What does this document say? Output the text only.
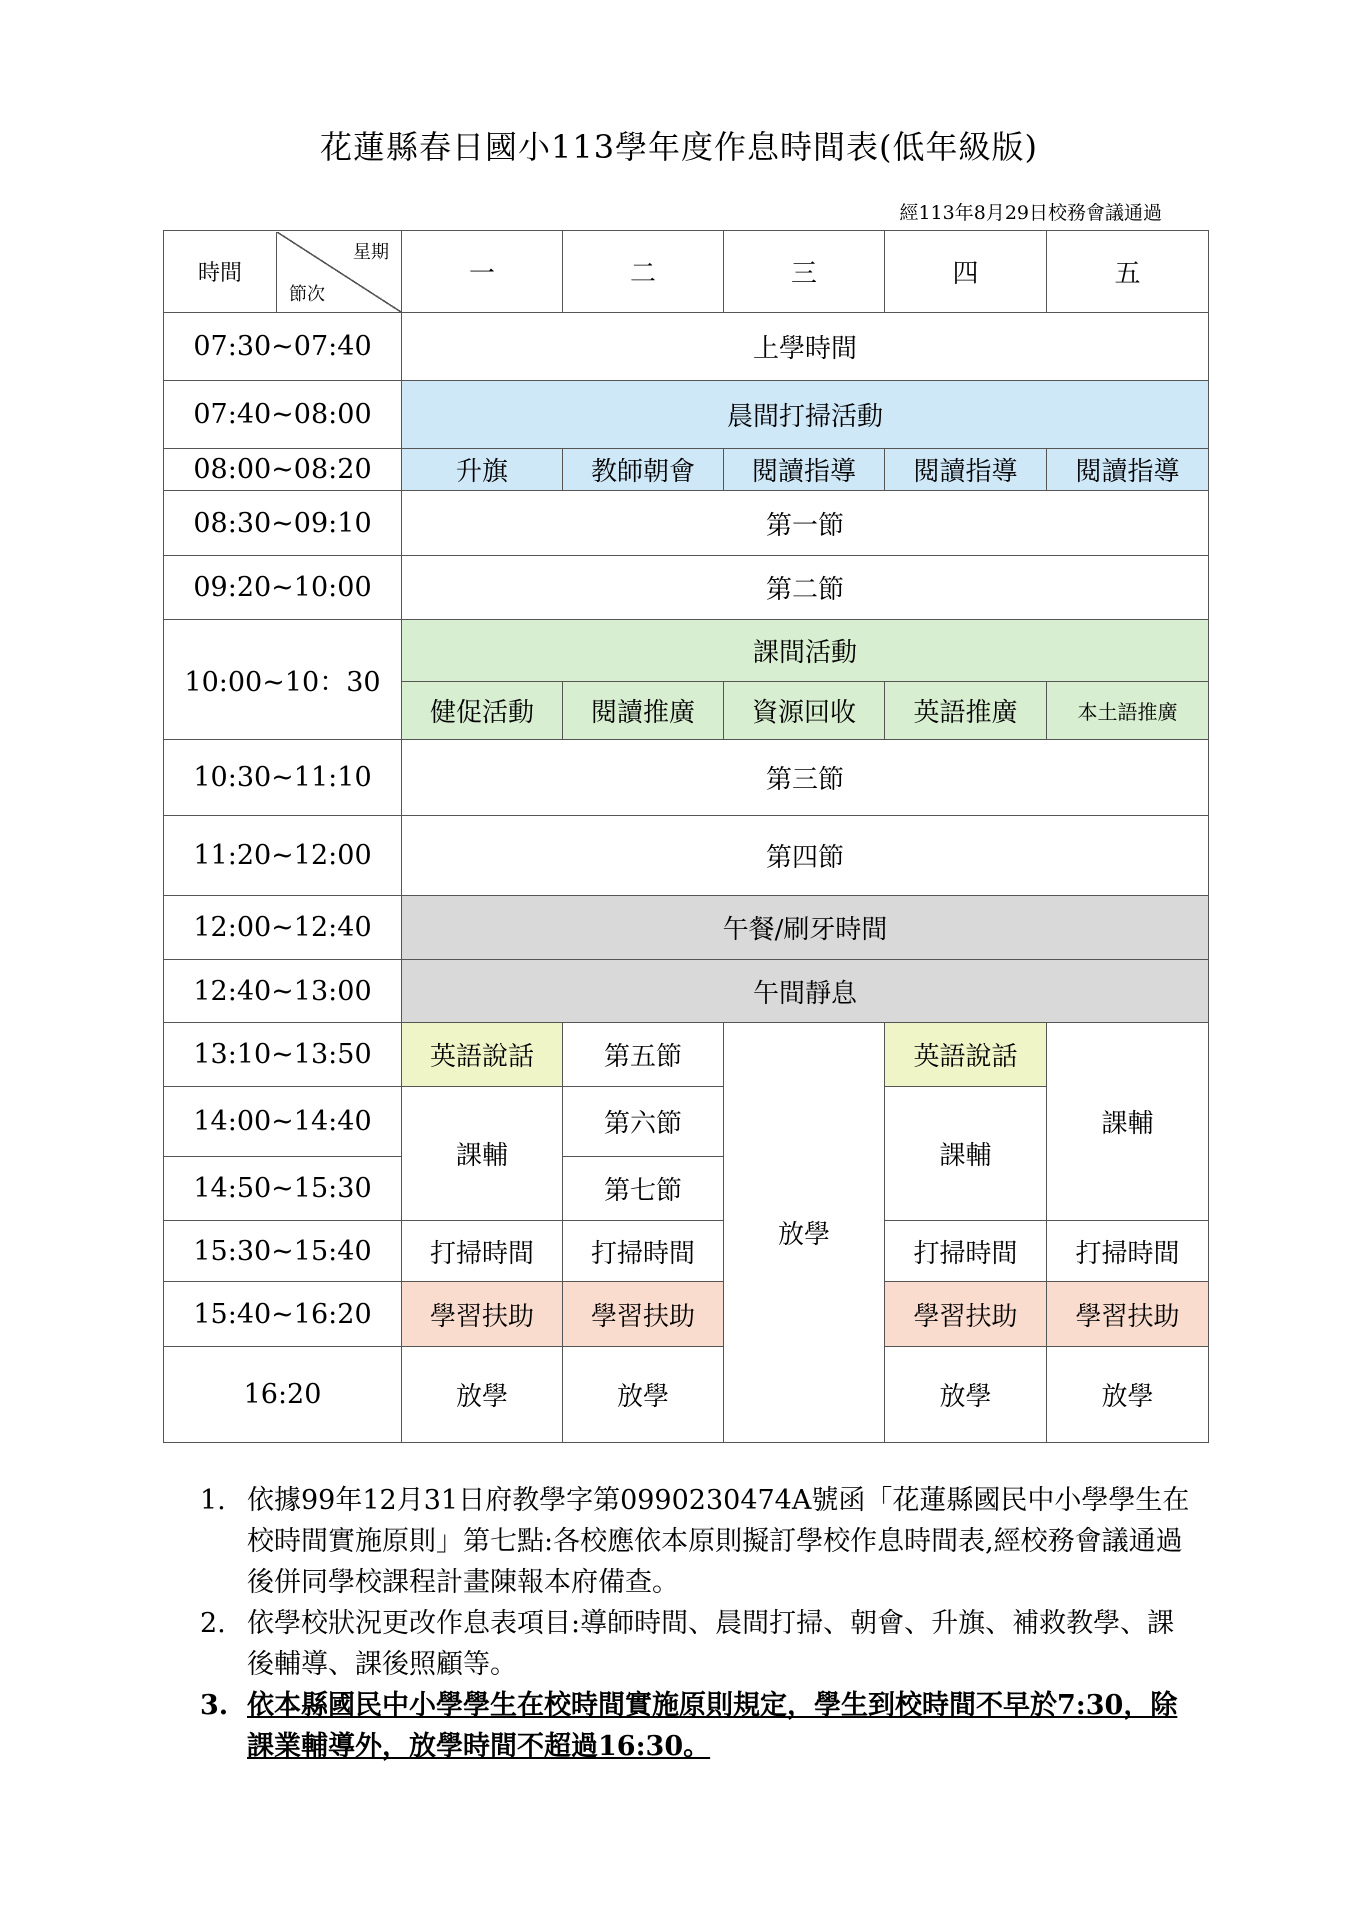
花蓮縣春日國小113學年度作息時間表(低年級版)
經113年8月29日校務會議通過
時間
星期
節次	一	二	三	四	五
07:30~07:40	上學時間				
07:40~08:00	晨間打掃活動				
08:00~08:20	升旗	教師朝會	閱讀指導	閱讀指導	閱讀指導
08:30~09:10	第一節				
09:20~10:00	第二節				
10:00~10：30	課間活動				
	健促活動	閱讀推廣	資源回收	英語推廣	本土語推廣
10:30~11:10	第三節				
11:20~12:00	第四節				
12:00~12:40	午餐/刷牙時間				
12:40~13:00	午間靜息				
13:10~13:50	英語說話	第五節	放學	英語說話	課輔
14:00~14:40	課輔	第六節		課輔	
14:50~15:30		第七節			
15:30~15:40	打掃時間	打掃時間		打掃時間	打掃時間
15:40~16:20	學習扶助	學習扶助		學習扶助	學習扶助
16:20	放學	放學		放學	放學
1. 依據99年12月31日府教學字第0990230474A號函「花蓮縣國民中小學學生在校時間實施原則」第七點:各校應依本原則擬訂學校作息時間表,經校務會議通過後併同學校課程計畫陳報本府備查。
2. 依學校狀況更改作息表項目:導師時間、晨間打掃、朝會、升旗、補救教學、課後輔導、課後照顧等。
3. 依本縣國民中小學學生在校時間實施原則規定，學生到校時間不早於7:30，除課業輔導外，放學時間不超過16:30。
